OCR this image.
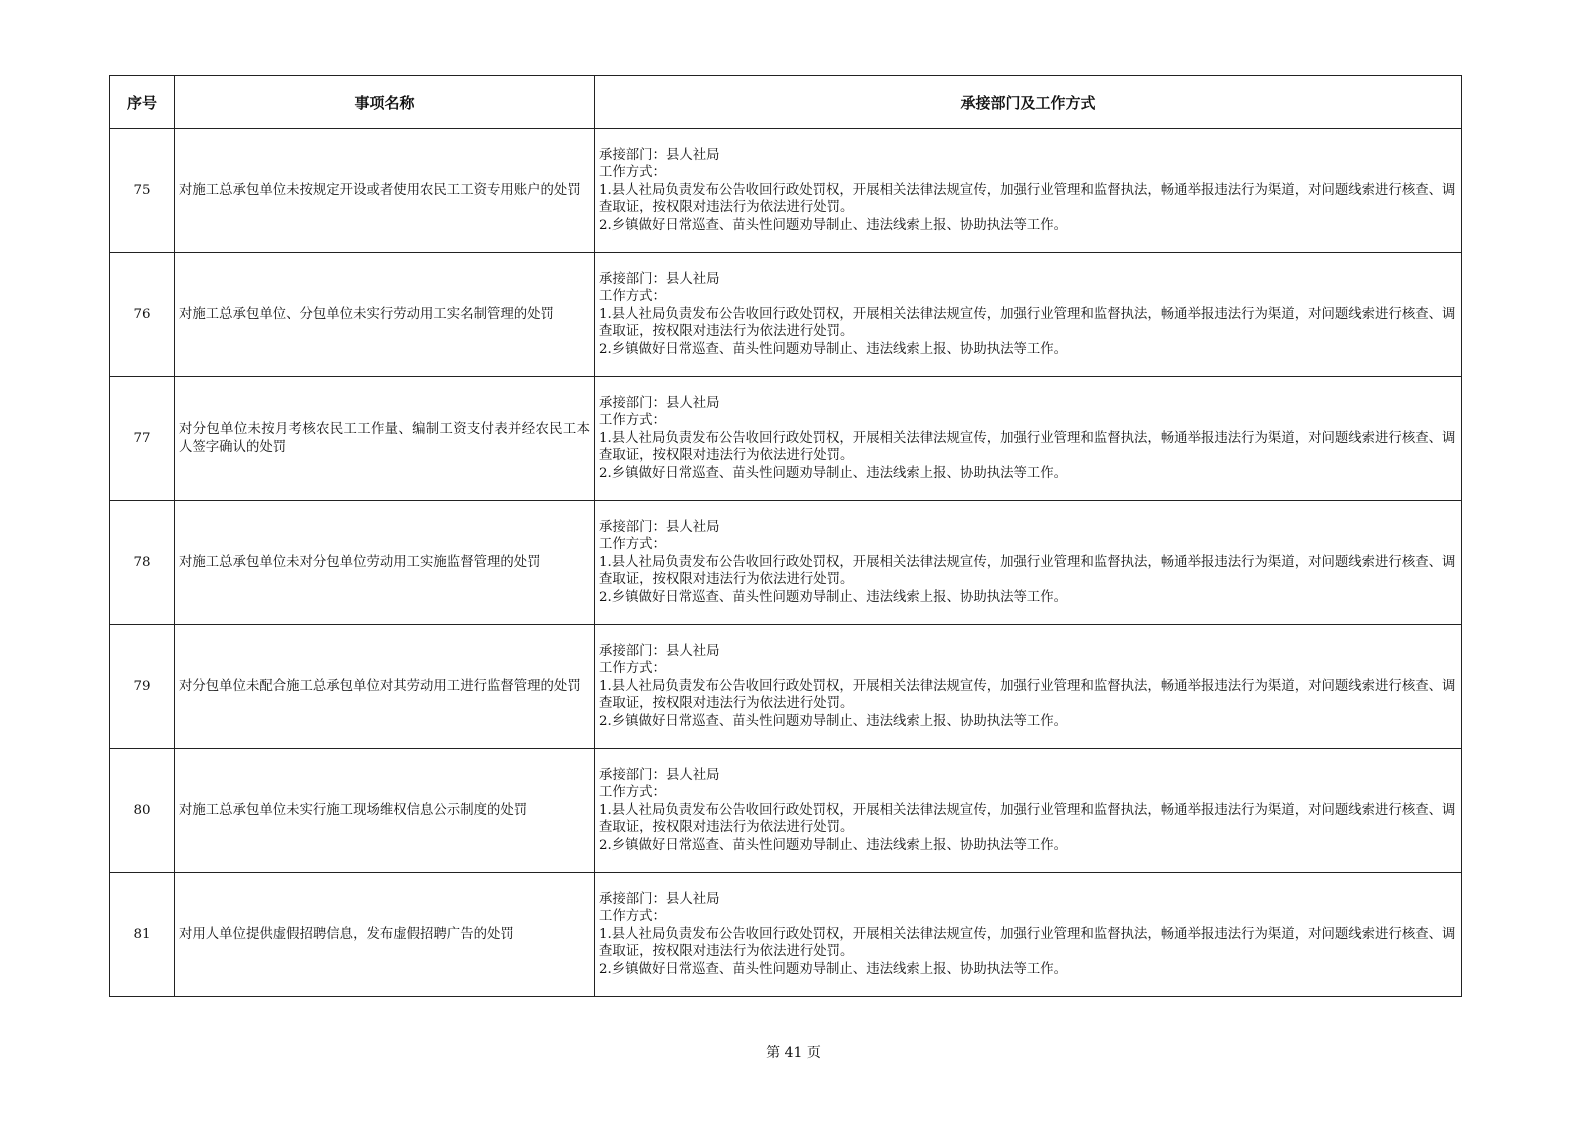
序号	事项名称	承接部门及工作方式
75	对施工总承包单位未按规定开设或者使用农民工工资专用账户的处罚	承接部门：县人社局
工作方式：
1.县人社局负责发布公告收回行政处罚权，开展相关法律法规宣传，加强行业管理和监督执法，畅通举报违法行为渠道，对问题线索进行核查、调查取证，按权限对违法行为依法进行处罚。
2.乡镇做好日常巡查、苗头性问题劝导制止、违法线索上报、协助执法等工作。

76	对施工总承包单位、分包单位未实行劳动用工实名制管理的处罚	承接部门：县人社局
工作方式：
1.县人社局负责发布公告收回行政处罚权，开展相关法律法规宣传，加强行业管理和监督执法，畅通举报违法行为渠道，对问题线索进行核查、调查取证，按权限对违法行为依法进行处罚。
2.乡镇做好日常巡查、苗头性问题劝导制止、违法线索上报、协助执法等工作。

77	对分包单位未按月考核农民工工作量、编制工资支付表并经农民工本人签字确认的处罚	承接部门：县人社局
工作方式：
1.县人社局负责发布公告收回行政处罚权，开展相关法律法规宣传，加强行业管理和监督执法，畅通举报违法行为渠道，对问题线索进行核查、调查取证，按权限对违法行为依法进行处罚。
2.乡镇做好日常巡查、苗头性问题劝导制止、违法线索上报、协助执法等工作。

78	对施工总承包单位未对分包单位劳动用工实施监督管理的处罚	承接部门：县人社局
工作方式：
1.县人社局负责发布公告收回行政处罚权，开展相关法律法规宣传，加强行业管理和监督执法，畅通举报违法行为渠道，对问题线索进行核查、调查取证，按权限对违法行为依法进行处罚。
2.乡镇做好日常巡查、苗头性问题劝导制止、违法线索上报、协助执法等工作。

79	对分包单位未配合施工总承包单位对其劳动用工进行监督管理的处罚	承接部门：县人社局
工作方式：
1.县人社局负责发布公告收回行政处罚权，开展相关法律法规宣传，加强行业管理和监督执法，畅通举报违法行为渠道，对问题线索进行核查、调查取证，按权限对违法行为依法进行处罚。
2.乡镇做好日常巡查、苗头性问题劝导制止、违法线索上报、协助执法等工作。

80	对施工总承包单位未实行施工现场维权信息公示制度的处罚	承接部门：县人社局
工作方式：
1.县人社局负责发布公告收回行政处罚权，开展相关法律法规宣传，加强行业管理和监督执法，畅通举报违法行为渠道，对问题线索进行核查、调查取证，按权限对违法行为依法进行处罚。
2.乡镇做好日常巡查、苗头性问题劝导制止、违法线索上报、协助执法等工作。

81	对用人单位提供虚假招聘信息，发布虚假招聘广告的处罚	承接部门：县人社局
工作方式：
1.县人社局负责发布公告收回行政处罚权，开展相关法律法规宣传，加强行业管理和监督执法，畅通举报违法行为渠道，对问题线索进行核查、调查取证，按权限对违法行为依法进行处罚。
2.乡镇做好日常巡查、苗头性问题劝导制止、违法线索上报、协助执法等工作。
第 41 页
